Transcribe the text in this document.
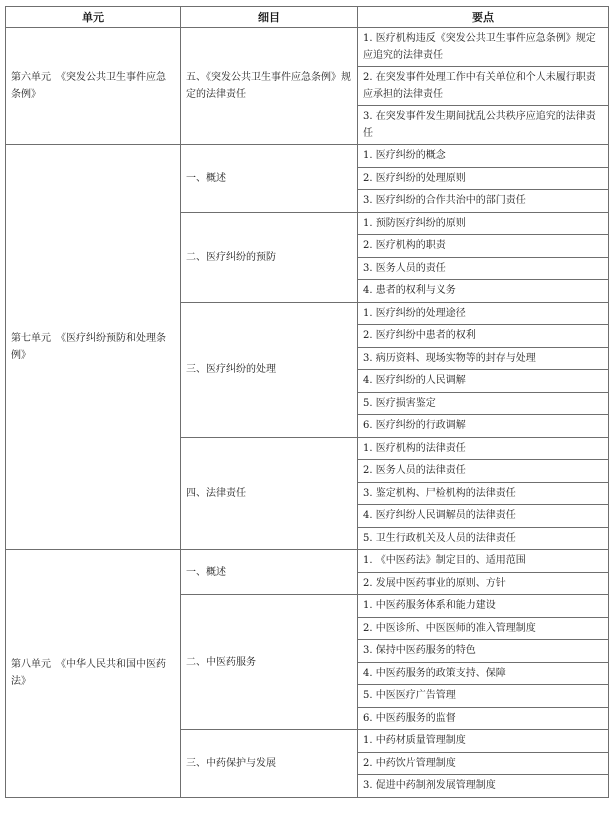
单元	细目	要点
第六单元　《突发公共卫生事件应急条例》	五、《突发公共卫生事件应急条例》规定的法律责任	1. 医疗机构违反《突发公共卫生事件应急条例》规定应追究的法律责任
		2. 在突发事件处理工作中有关单位和个人未履行职责应承担的法律责任
		3. 在突发事件发生期间扰乱公共秩序应追究的法律责任
第七单元　《医疗纠纷预防和处理条例》	一、概述	1. 医疗纠纷的概念
		2. 医疗纠纷的处理原则
		3. 医疗纠纷的合作共治中的部门责任
	二、医疗纠纷的预防	1. 预防医疗纠纷的原则
		2. 医疗机构的职责
		3. 医务人员的责任
		4. 患者的权利与义务
	三、医疗纠纷的处理	1. 医疗纠纷的处理途径
		2. 医疗纠纷中患者的权利
		3. 病历资料、现场实物等的封存与处理
		4. 医疗纠纷的人民调解
		5. 医疗损害鉴定
		6. 医疗纠纷的行政调解
	四、法律责任	1. 医疗机构的法律责任
		2. 医务人员的法律责任
		3. 鉴定机构、尸检机构的法律责任
		4. 医疗纠纷人民调解员的法律责任
		5. 卫生行政机关及人员的法律责任
第八单元　《中华人民共和国中医药法》	一、概述	1. 《中医药法》制定目的、适用范围
		2. 发展中医药事业的原则、方针
	二、中医药服务	1. 中医药服务体系和能力建设
		2. 中医诊所、中医医师的准入管理制度
		3. 保持中医药服务的特色
		4. 中医药服务的政策支持、保障
		5. 中医医疗广告管理
		6. 中医药服务的监督
	三、中药保护与发展	1. 中药材质量管理制度
		2. 中药饮片管理制度
		3. 促进中药制剂发展管理制度
